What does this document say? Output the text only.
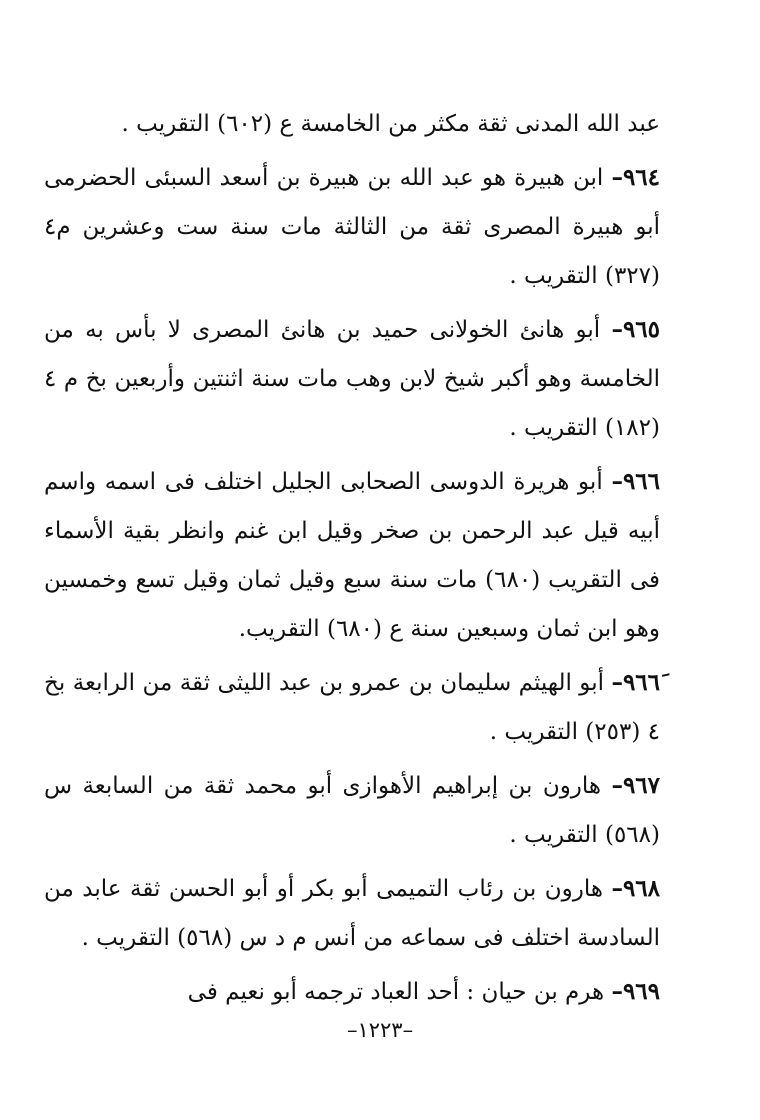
عبد الله المدنى ثقة مكثر من الخامسة ع (٦٠٢) التقريب .

٩٦٤– ابن هبيرة هو عبد الله بن هبيرة بن أسعد السبئى الحضرمى أبو هبيرة المصرى ثقة من الثالثة مات سنة ست وعشرين م٤ (٣٢٧) التقريب .

٩٦٥– أبو هانئ الخولانى حميد بن هانئ المصرى لا بأس به من الخامسة وهو أكبر شيخ لابن وهب مات سنة اثنتين وأربعين بخ م ٤ (١٨٢) التقريب .

٩٦٦– أبو هريرة الدوسى الصحابى الجليل اختلف فى اسمه واسم أبيه قيل عبد الرحمن بن صخر وقيل ابن غنم وانظر بقية الأسماء فى التقريب (٦٨٠) مات سنة سبع وقيل ثمان وقيل تسع وخمسين وهو ابن ثمان وسبعين سنة ع (٦٨٠) التقريب.

٩٦٦َ– أبو الهيثم سليمان بن عمرو بن عبد الليثى ثقة من الرابعة بخ ٤ (٢٥٣) التقريب .

٩٦٧– هارون بن إبراهيم الأهوازى أبو محمد ثقة من السابعة س (٥٦٨) التقريب .

٩٦٨– هارون بن رئاب التميمى أبو بكر أو أبو الحسن ثقة عابد من السادسة اختلف فى سماعه من أنس م د س (٥٦٨) التقريب .

٩٦٩– هرم بن حيان : أحد العباد ترجمه أبو نعيم فى

–١٢٢٣–
